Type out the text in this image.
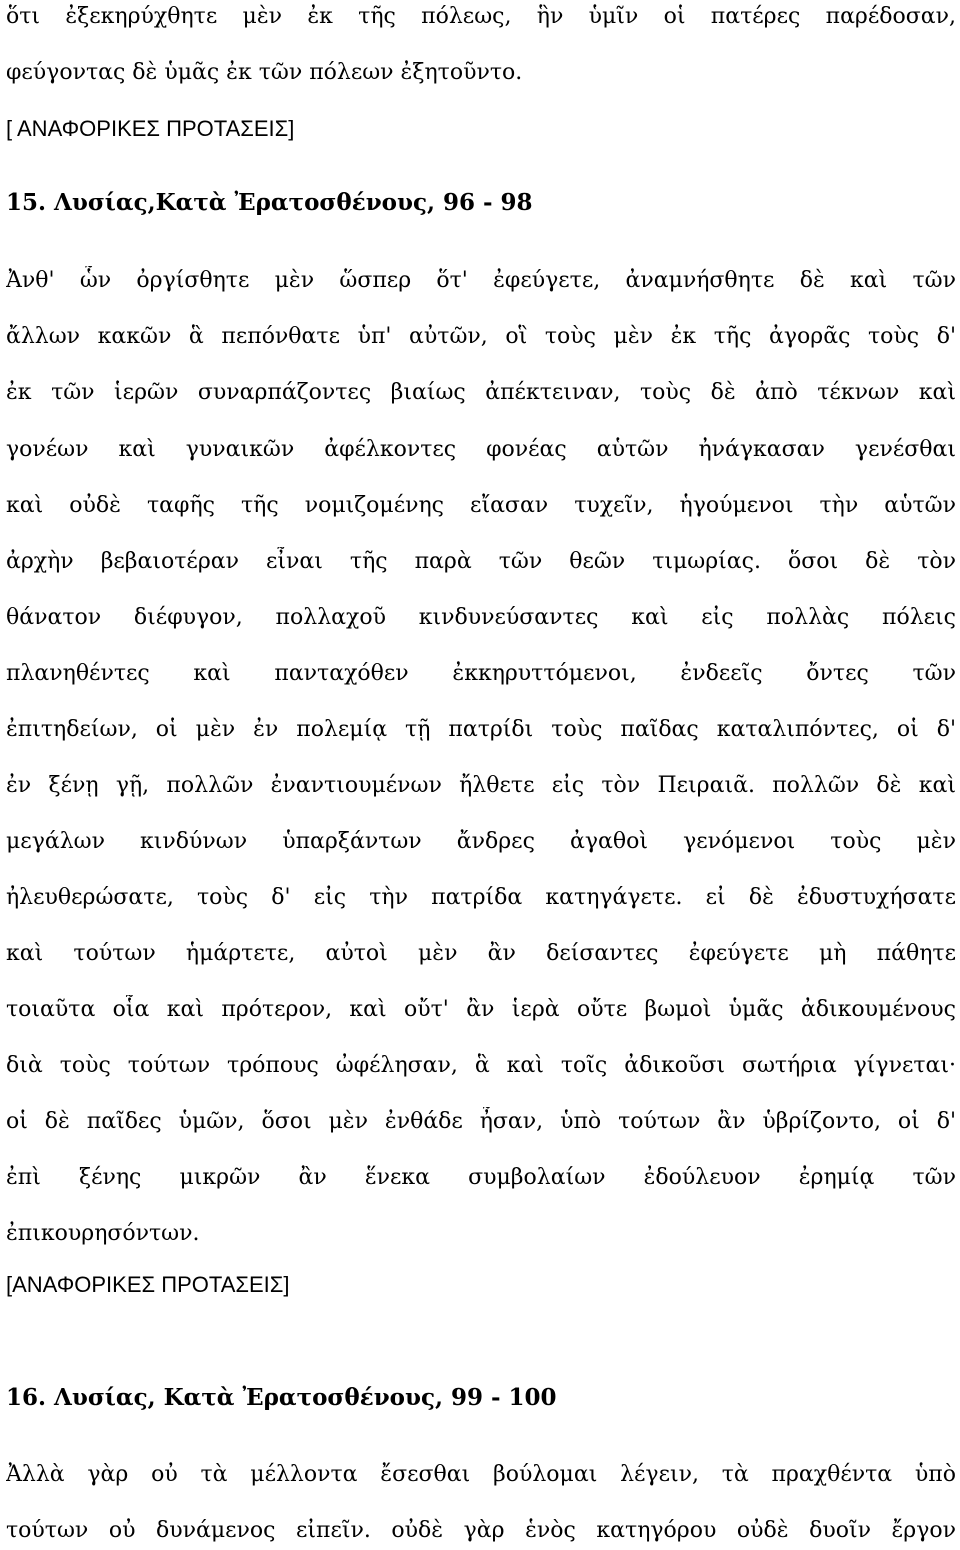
ὅτι ἐξεκηρύχθητε μὲν ἐκ τῆς πόλεως, ἣν ὑμῖν οἱ πατέρες παρέδοσαν,
φεύγοντας δὲ ὑμᾶς ἐκ τῶν πόλεων ἐξητοῦντο.
[ ΑΝΑΦΟΡΙΚΕΣ ΠΡΟΤΑΣΕΙΣ]
15. Λυσίας,Κατὰ Ἐρατοσθένους, 96 - 98
Ἀνθ' ὧν ὀργίσθητε μὲν ὥσπερ ὅτ' ἐφεύγετε, ἀναμνήσθητε δὲ καὶ τῶν
ἄλλων κακῶν ἃ πεπόνθατε ὑπ' αὐτῶν, οἳ τοὺς μὲν ἐκ τῆς ἀγορᾶς τοὺς δ'
ἐκ τῶν ἱερῶν συναρπάζοντες βιαίως ἀπέκτειναν, τοὺς δὲ ἀπὸ τέκνων καὶ
γονέων καὶ γυναικῶν ἀφέλκοντες φονέας αὑτῶν ἠνάγκασαν γενέσθαι
καὶ οὐδὲ ταφῆς τῆς νομιζομένης εἴασαν τυχεῖν, ἡγούμενοι τὴν αὑτῶν
ἀρχὴν βεβαιοτέραν εἶναι τῆς παρὰ τῶν θεῶν τιμωρίας. ὅσοι δὲ τὸν
θάνατον διέφυγον, πολλαχοῦ κινδυνεύσαντες καὶ εἰς πολλὰς πόλεις
πλανηθέντες καὶ πανταχόθεν ἐκκηρυττόμενοι, ἐνδεεῖς ὄντες τῶν
ἐπιτηδείων, οἱ μὲν ἐν πολεμίᾳ τῇ πατρίδι τοὺς παῖδας καταλιπόντες, οἱ δ'
ἐν ξένῃ γῇ, πολλῶν ἐναντιουμένων ἤλθετε εἰς τὸν Πειραιᾶ. πολλῶν δὲ καὶ
μεγάλων κινδύνων ὑπαρξάντων ἄνδρες ἀγαθοὶ γενόμενοι τοὺς μὲν
ἠλευθερώσατε, τοὺς δ' εἰς τὴν πατρίδα κατηγάγετε. εἰ δὲ ἐδυστυχήσατε
καὶ τούτων ἡμάρτετε, αὐτοὶ μὲν ἂν δείσαντες ἐφεύγετε μὴ πάθητε
τοιαῦτα οἷα καὶ πρότερον, καὶ οὔτ' ἂν ἱερὰ οὔτε βωμοὶ ὑμᾶς ἀδικουμένους
διὰ τοὺς τούτων τρόπους ὠφέλησαν, ἃ καὶ τοῖς ἀδικοῦσι σωτήρια γίγνεται·
οἱ δὲ παῖδες ὑμῶν, ὅσοι μὲν ἐνθάδε ἦσαν, ὑπὸ τούτων ἂν ὑβρίζοντο, οἱ δ'
ἐπὶ ξένης μικρῶν ἂν ἕνεκα συμβολαίων ἐδούλευον ἐρημίᾳ τῶν
ἐπικουρησόντων.
[ΑΝΑΦΟΡΙΚΕΣ ΠΡΟΤΑΣΕΙΣ]
16. Λυσίας, Κατὰ Ἐρατοσθένους, 99 - 100
Ἀλλὰ γὰρ οὐ τὰ μέλλοντα ἔσεσθαι βούλομαι λέγειν, τὰ πραχθέντα ὑπὸ
τούτων οὐ δυνάμενος εἰπεῖν. οὐδὲ γὰρ ἑνὸς κατηγόρου οὐδὲ δυοῖν ἔργον
